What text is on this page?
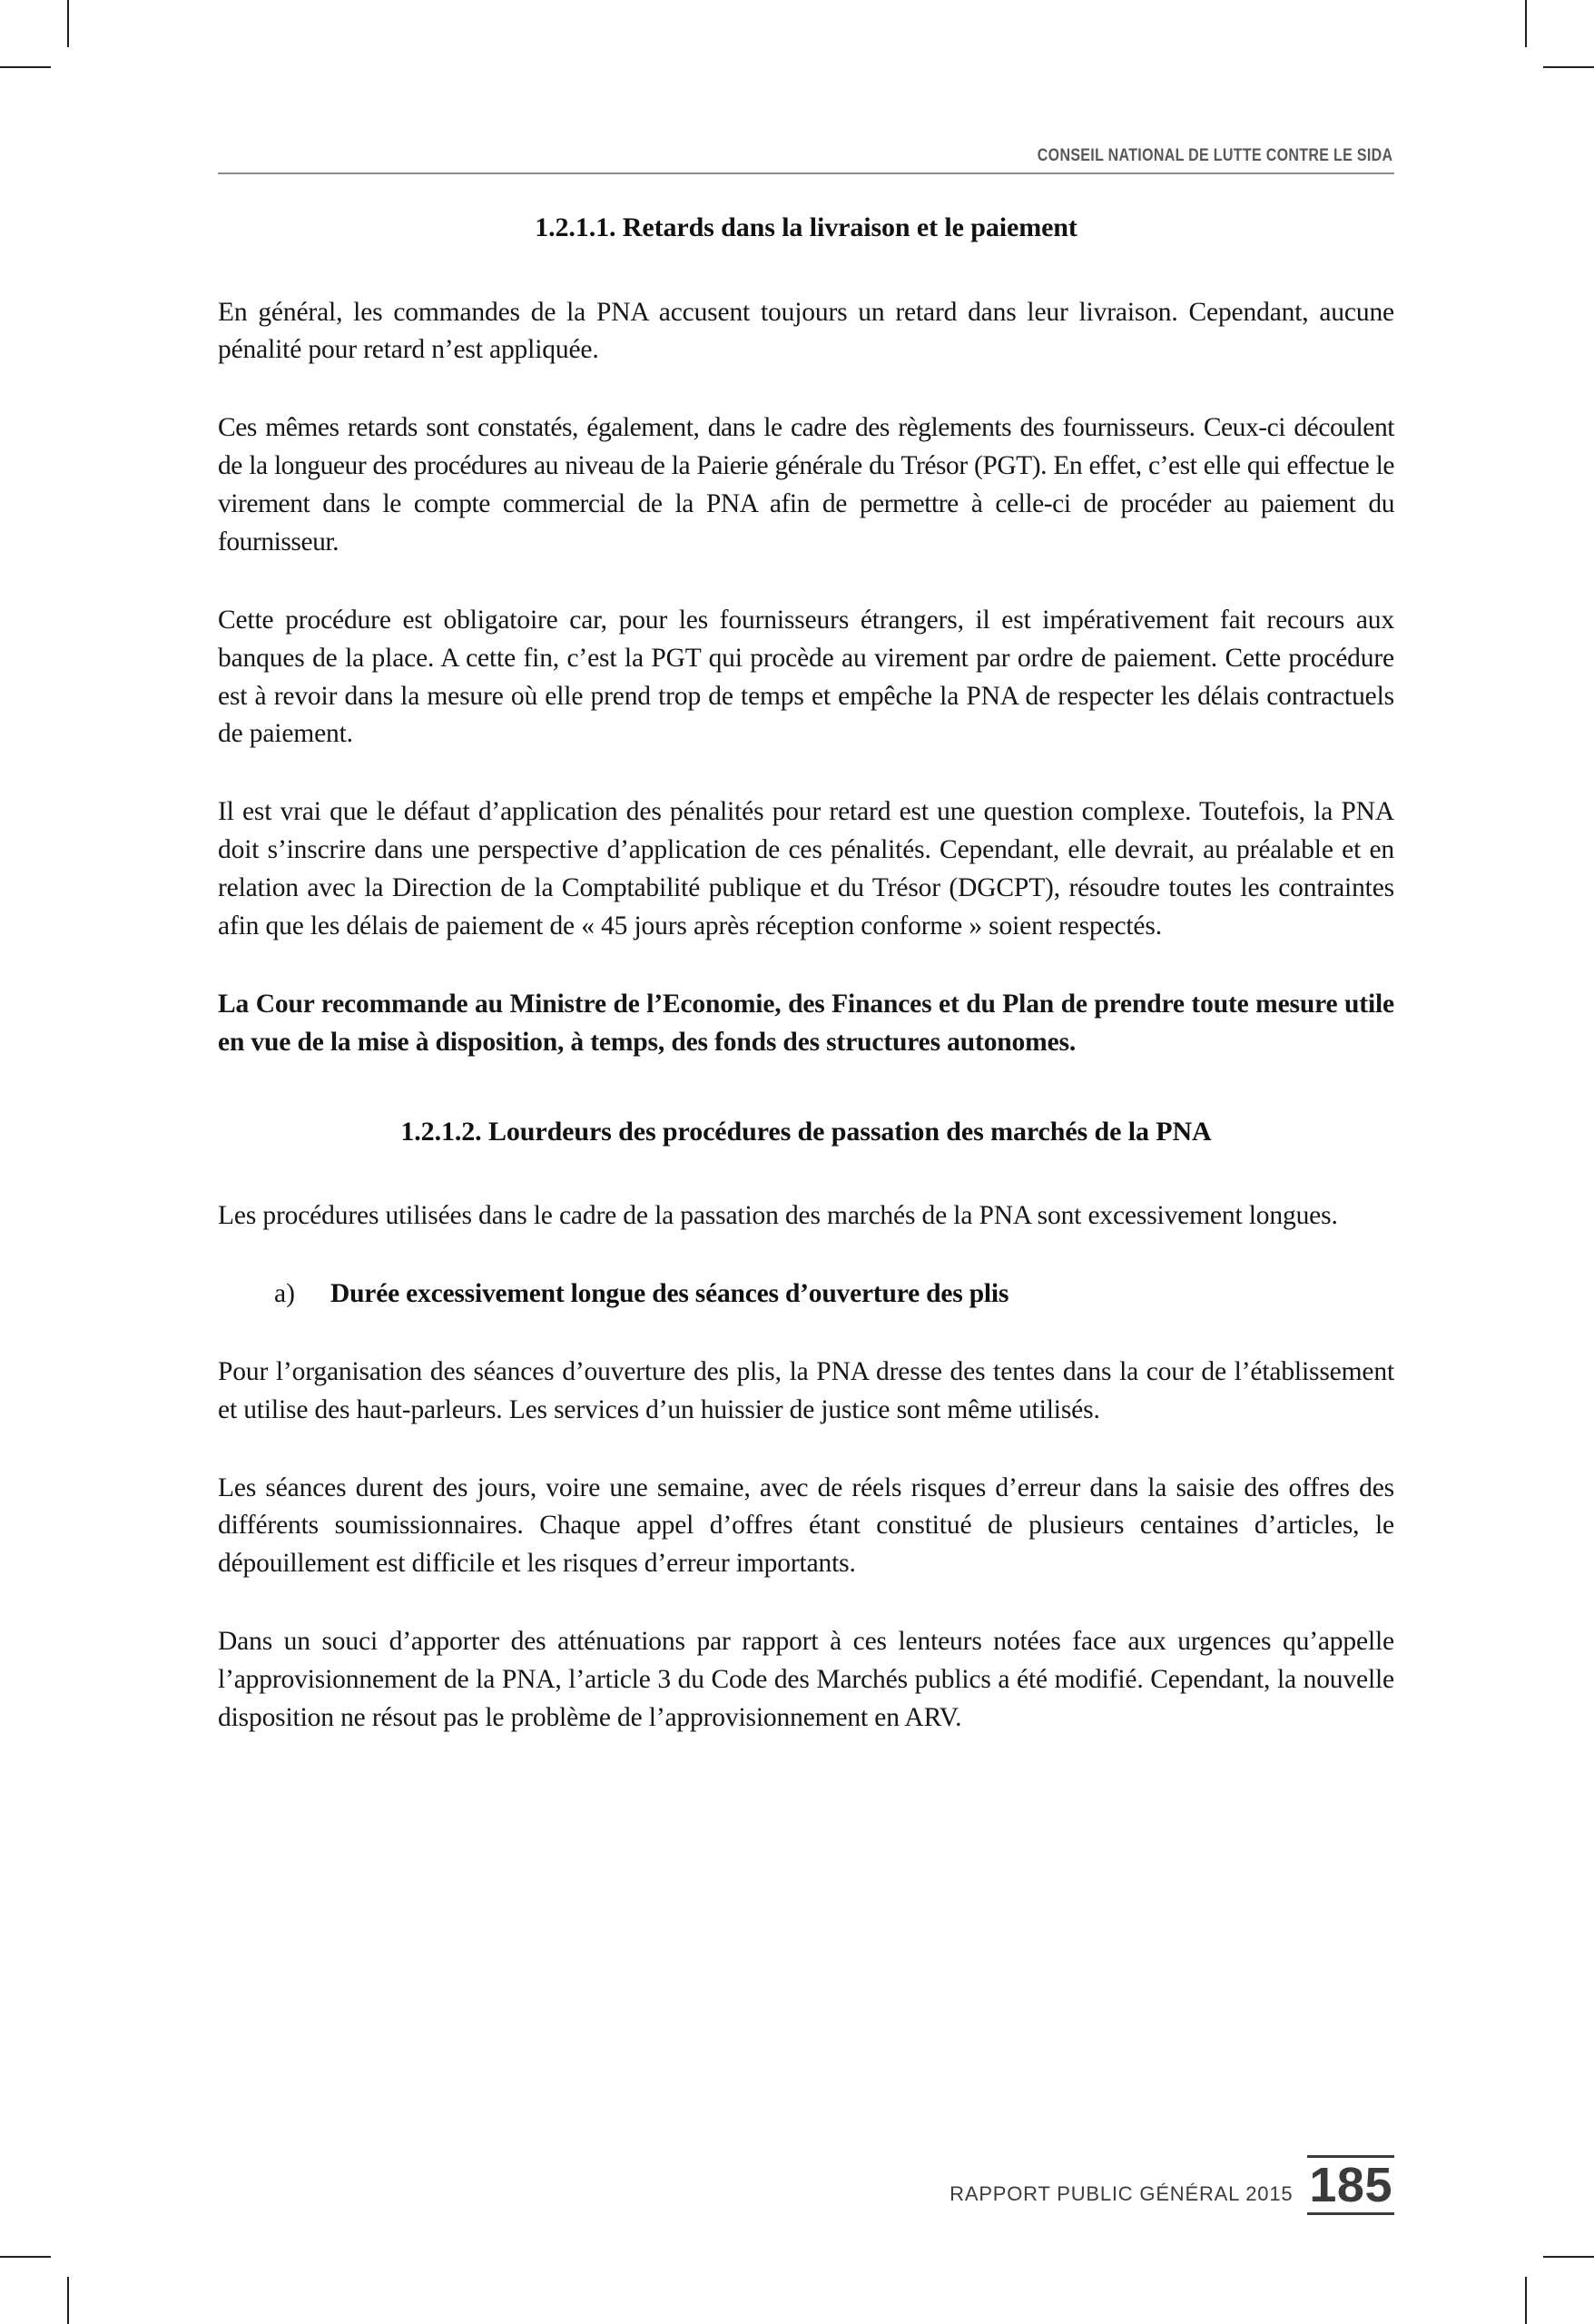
CONSEIL NATIONAL DE LUTTE CONTRE LE SIDA
1.2.1.1. Retards dans la livraison et le paiement

En général, les commandes de la PNA accusent toujours un retard dans leur livraison. Cependant, aucune pénalité pour retard n’est appliquée.

Ces mêmes retards sont constatés, également, dans le cadre des règlements des fournisseurs. Ceux-ci découlent de la longueur des procédures au niveau de la Paierie générale du Trésor (PGT). En effet, c’est elle qui effectue le virement dans le compte commercial de la PNA afin de permettre à celle-ci de procéder au paiement du fournisseur.

Cette procédure est obligatoire car, pour les fournisseurs étrangers, il est impérativement fait recours aux banques de la place. A cette fin, c’est la PGT qui procède au virement par ordre de paiement. Cette procédure est à revoir dans la mesure où elle prend trop de temps et empêche la PNA de respecter les délais contractuels de paiement.

Il est vrai que le défaut d’application des pénalités pour retard est une question complexe. Toutefois, la PNA doit s’inscrire dans une perspective d’application de ces pénalités. Cependant, elle devrait, au préalable et en relation avec la Direction de la Comptabilité publique et du Trésor (DGCPT), résoudre toutes les contraintes afin que les délais de paiement de « 45 jours après réception conforme » soient respectés.

La Cour recommande au Ministre de l’Economie, des Finances et du Plan de prendre toute mesure utile en vue de la mise à disposition, à temps, des fonds des structures autonomes.

1.2.1.2. Lourdeurs des procédures de passation des marchés de la PNA

Les procédures utilisées dans le cadre de la passation des marchés de la PNA sont excessivement longues.

a)	Durée excessivement longue des séances d’ouverture des plis

Pour l’organisation des séances d’ouverture des plis, la PNA dresse des tentes dans la cour de l’établissement et utilise des haut-parleurs. Les services d’un huissier de justice sont même utilisés.

Les séances durent des jours, voire une semaine, avec de réels risques d’erreur dans la saisie des offres des différents soumissionnaires. Chaque appel d’offres étant constitué de plusieurs centaines d’articles, le dépouillement est difficile et les risques d’erreur importants.

Dans un souci d’apporter des atténuations par rapport à ces lenteurs notées face aux urgences qu’appelle l’approvisionnement de la PNA, l’article 3 du Code des Marchés publics a été modifié. Cependant, la nouvelle disposition ne résout pas le problème de l’approvisionnement en ARV.

RAPPORT PUBLIC GÉNÉRAL 2015 185
